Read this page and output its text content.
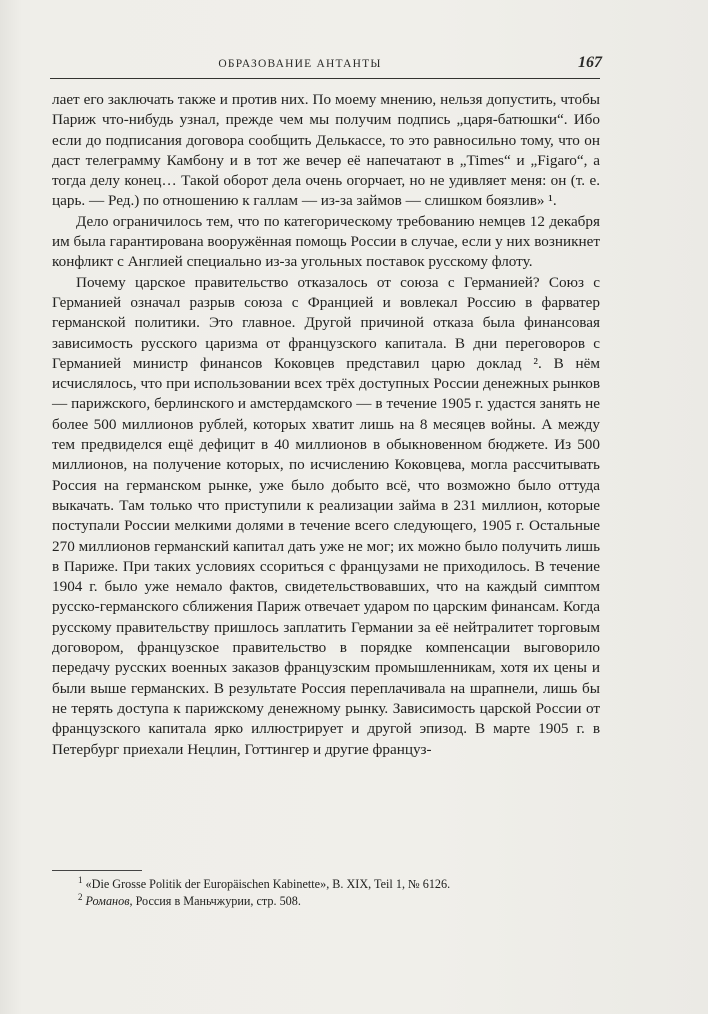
ОБРАЗОВАНИЕ АНТАНТЫ	167

лает его заключать также и против них. По моему мнению, нельзя допустить, чтобы Париж что-нибудь узнал, прежде чем мы получим подпись „царя-батюшки“. Ибо если до подписания договора сообщить Делькассе, то это равносильно тому, что он даст телеграмму Камбону и в тот же вечер её напечатают в „Times“ и „Figaro“, а тогда делу конец… Такой оборот дела очень огорчает, но не удивляет меня: он (т. е. царь. — Ред.) по отношению к галлам — из-за займов — слишком боязлив» ¹.

Дело ограничилось тем, что по категорическому требованию немцев 12 декабря им была гарантирована вооружённая помощь России в случае, если у них возникнет конфликт с Англией специально из-за угольных поставок русскому флоту.

Почему царское правительство отказалось от союза с Германией? Союз с Германией означал разрыв союза с Францией и вовлекал Россию в фарватер германской политики. Это главное. Другой причиной отказа была финансовая зависимость русского царизма от французского капитала. В дни переговоров с Германией министр финансов Коковцев представил царю доклад ². В нём исчислялось, что при использовании всех трёх доступных России денежных рынков — парижского, берлинского и амстердамского — в течение 1905 г. удастся занять не более 500 миллионов рублей, которых хватит лишь на 8 месяцев войны. А между тем предвиделся ещё дефицит в 40 миллионов в обыкновенном бюджете. Из 500 миллионов, на получение которых, по исчислению Коковцева, могла рассчитывать Россия на германском рынке, уже было добыто всё, что возможно было оттуда выкачать. Там только что приступили к реализации займа в 231 миллион, которые поступали России мелкими долями в течение всего следующего, 1905 г. Остальные 270 миллионов германский капитал дать уже не мог; их можно было получить лишь в Париже. При таких условиях ссориться с французами не приходилось. В течение 1904 г. было уже немало фактов, свидетельствовавших, что на каждый симптом русско-германского сближения Париж отвечает ударом по царским финансам. Когда русскому правительству пришлось заплатить Германии за её нейтралитет торговым договором, французское правительство в порядке компенсации выговорило передачу русских военных заказов французским промышленникам, хотя их цены и были выше германских. В результате Россия переплачивала на шрапнели, лишь бы не терять доступа к парижскому денежному рынку. Зависимость царской России от французского капитала ярко иллюстрирует и другой эпизод. В марте 1905 г. в Петербург приехали Нецлин, Готтингер и другие француз-

$^1$ «Die Grosse Politik der Europäischen Kabinette», B. XIX, Teil 1, № 6126.

$^2$ Романов, Россия в Маньчжурии, стр. 508.
